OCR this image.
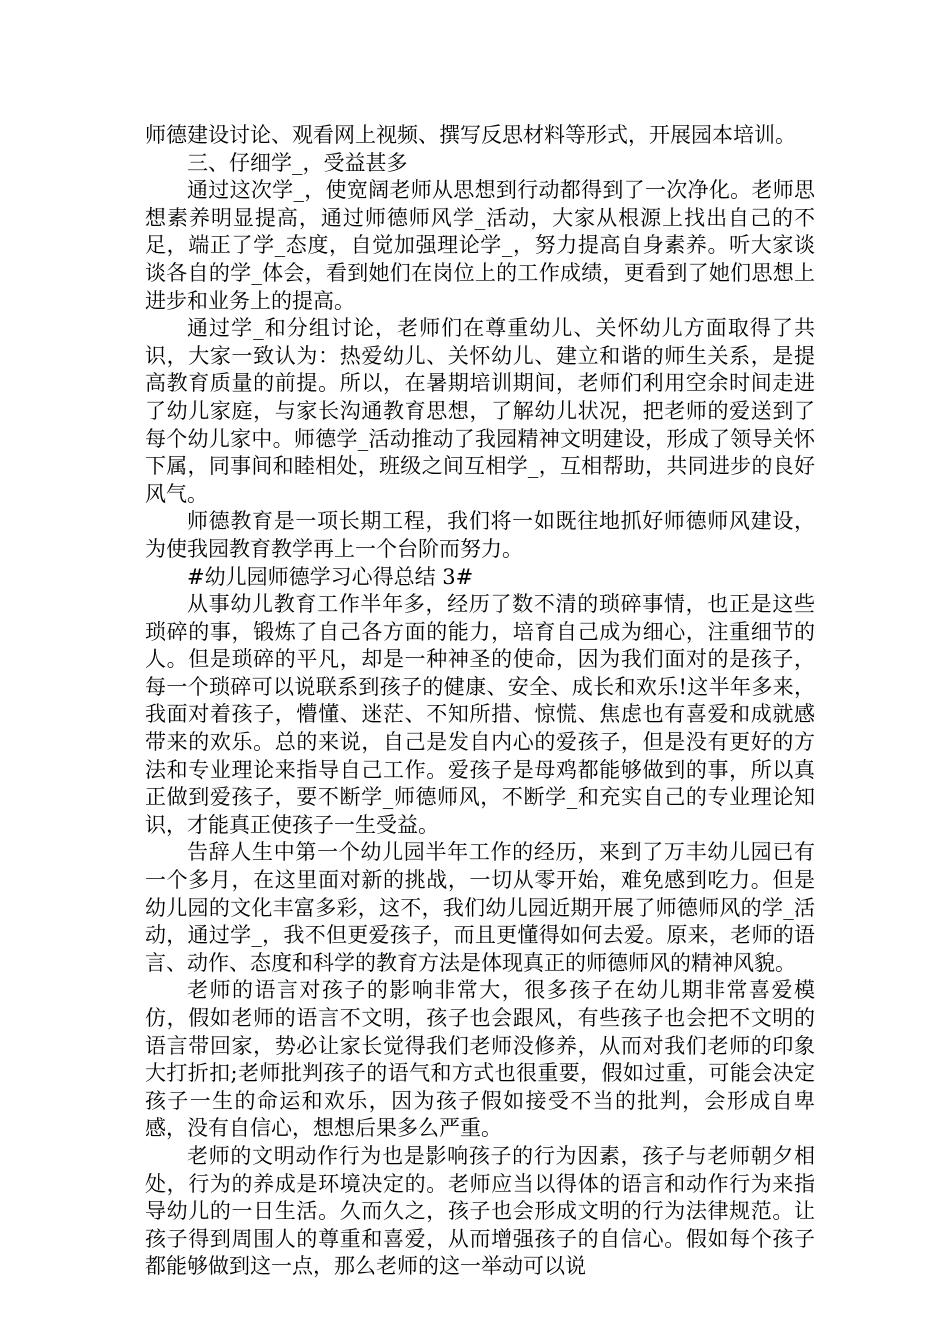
师德建设讨论、观看网上视频、撰写反思材料等形式，开展园本培训。

三、仔细学_，受益甚多

通过这次学_，使宽阔老师从思想到行动都得到了一次净化。老师思想素养明显提高，通过师德师风学_活动，大家从根源上找出自己的不足，端正了学_态度，自觉加强理论学_，努力提高自身素养。听大家谈谈各自的学_体会，看到她们在岗位上的工作成绩，更看到了她们思想上进步和业务上的提高。

通过学_和分组讨论，老师们在尊重幼儿、关怀幼儿方面取得了共识，大家一致认为：热爱幼儿、关怀幼儿、建立和谐的师生关系，是提高教育质量的前提。所以，在暑期培训期间，老师们利用空余时间走进了幼儿家庭，与家长沟通教育思想，了解幼儿状况，把老师的爱送到了每个幼儿家中。师德学_活动推动了我园精神文明建设，形成了领导关怀下属，同事间和睦相处，班级之间互相学_，互相帮助，共同进步的良好风气。

师德教育是一项长期工程，我们将一如既往地抓好师德师风建设，为使我园教育教学再上一个台阶而努力。

#幼儿园师德学习心得总结 3#

从事幼儿教育工作半年多，经历了数不清的琐碎事情，也正是这些琐碎的事，锻炼了自己各方面的能力，培育自己成为细心，注重细节的人。但是琐碎的平凡，却是一种神圣的使命，因为我们面对的是孩子，每一个琐碎可以说联系到孩子的健康、安全、成长和欢乐!这半年多来，我面对着孩子，懵懂、迷茫、不知所措、惊慌、焦虑也有喜爱和成就感带来的欢乐。总的来说，自己是发自内心的爱孩子，但是没有更好的方法和专业理论来指导自己工作。爱孩子是母鸡都能够做到的事，所以真正做到爱孩子，要不断学_师德师风，不断学_和充实自己的专业理论知识，才能真正使孩子一生受益。

告辞人生中第一个幼儿园半年工作的经历，来到了万丰幼儿园已有一个多月，在这里面对新的挑战，一切从零开始，难免感到吃力。但是幼儿园的文化丰富多彩，这不，我们幼儿园近期开展了师德师风的学_活动，通过学_，我不但更爱孩子，而且更懂得如何去爱。原来，老师的语言、动作、态度和科学的教育方法是体现真正的师德师风的精神风貌。

老师的语言对孩子的影响非常大，很多孩子在幼儿期非常喜爱模仿，假如老师的语言不文明，孩子也会跟风，有些孩子也会把不文明的语言带回家，势必让家长觉得我们老师没修养，从而对我们老师的印象大打折扣;老师批判孩子的语气和方式也很重要，假如过重，可能会决定孩子一生的命运和欢乐，因为孩子假如接受不当的批判，会形成自卑感，没有自信心，想想后果多么严重。

老师的文明动作行为也是影响孩子的行为因素，孩子与老师朝夕相处，行为的养成是环境决定的。老师应当以得体的语言和动作行为来指导幼儿的一日生活。久而久之，孩子也会形成文明的行为法律规范。让孩子得到周围人的尊重和喜爱，从而增强孩子的自信心。假如每个孩子都能够做到这一点，那么老师的这一举动可以说
